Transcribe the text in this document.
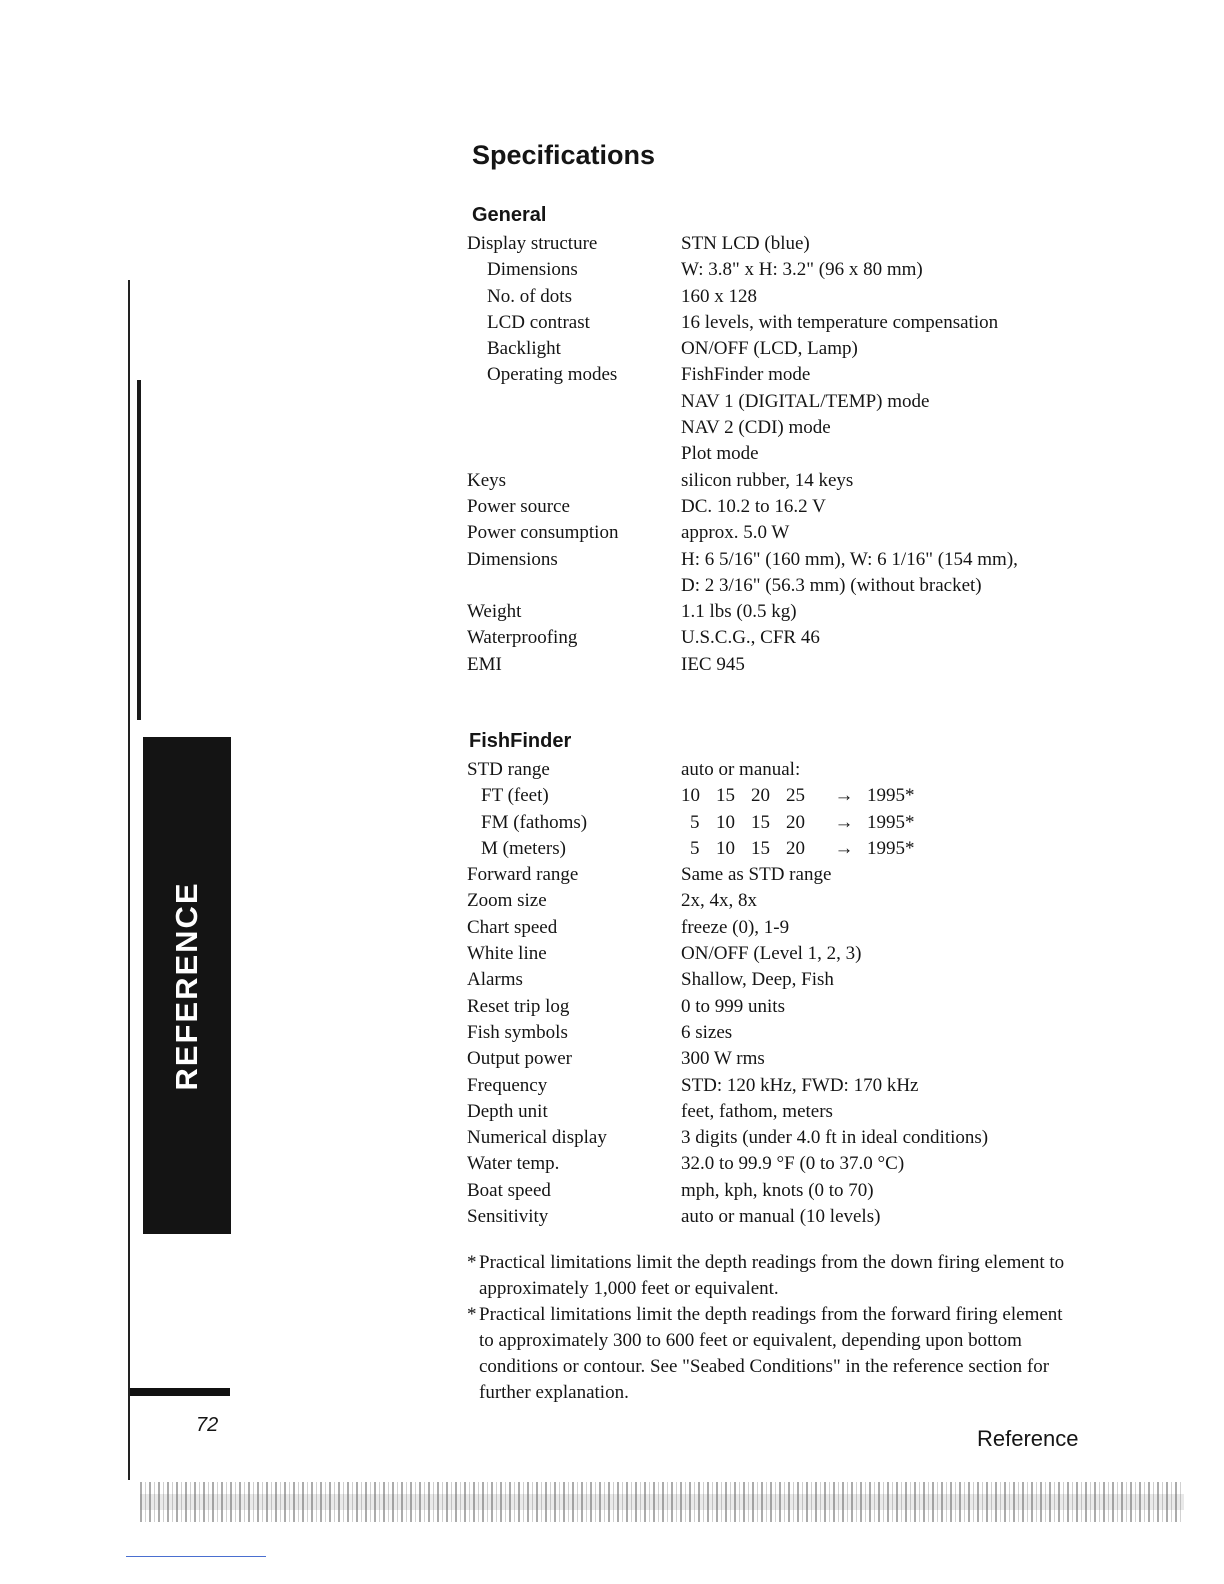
REFERENCE
Specifications
General
Display structure	STN LCD (blue)
Dimensions	W: 3.8" x H: 3.2" (96 x 80 mm)
No. of dots	160 x 128
LCD contrast	16 levels, with temperature compensation
Backlight	ON/OFF (LCD, Lamp)
Operating modes	FishFinder mode
NAV 1 (DIGITAL/TEMP) mode
NAV 2 (CDI) mode
Plot mode
Keys	silicon rubber, 14 keys
Power source	DC. 10.2 to 16.2 V
Power consumption	approx. 5.0 W
Dimensions	H: 6 5/16" (160 mm), W: 6 1/16" (154 mm),
D: 2 3/16" (56.3 mm) (without bracket)
Weight	1.1 lbs (0.5 kg)
Waterproofing	U.S.C.G., CFR 46
EMI	IEC 945
FishFinder
STD range	auto or manual:
FT (feet)	10 15 20 25 → 1995*
FM (fathoms)	5 10 15 20 → 1995*
M (meters)	5 10 15 20 → 1995*
Forward range	Same as STD range
Zoom size	2x, 4x, 8x
Chart speed	freeze (0), 1-9
White line	ON/OFF (Level 1, 2, 3)
Alarms	Shallow, Deep, Fish
Reset trip log	0 to 999 units
Fish symbols	6 sizes
Output power	300 W rms
Frequency	STD: 120 kHz, FWD: 170 kHz
Depth unit	feet, fathom, meters
Numerical display	3 digits (under 4.0 ft in ideal conditions)
Water temp.	32.0 to 99.9 °F (0 to 37.0 °C)
Boat speed	mph, kph, knots (0 to 70)
Sensitivity	auto or manual (10 levels)
* Practical limitations limit the depth readings from the down firing element to approximately 1,000 feet or equivalent.
* Practical limitations limit the depth readings from the forward firing element to approximately 300 to 600 feet or equivalent, depending upon bottom conditions or contour. See "Seabed Conditions" in the reference section for further explanation.
72
Reference
